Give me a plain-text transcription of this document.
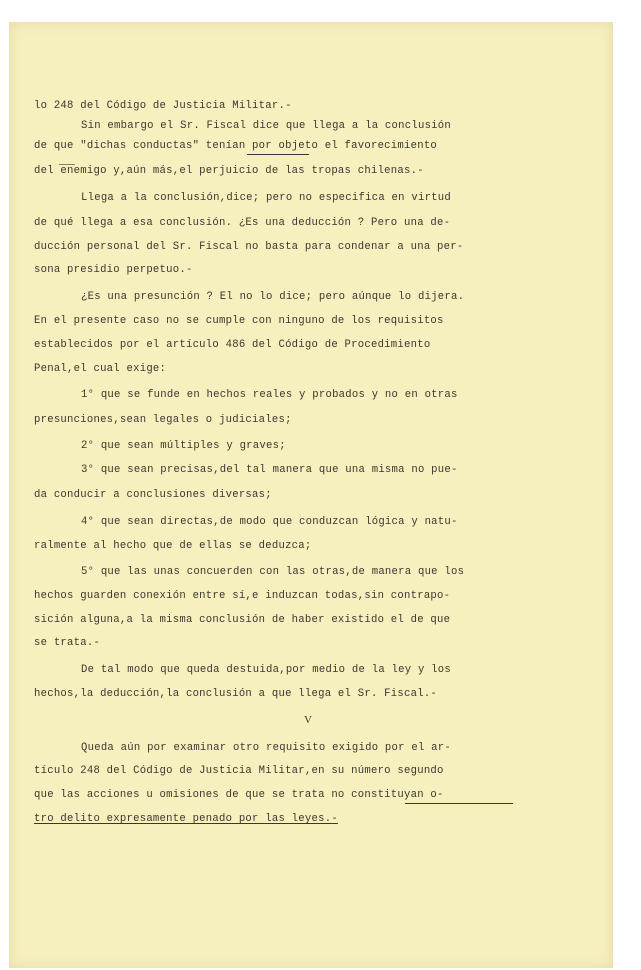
lo 248 del Código de Justicia Militar.-
Sin embargo el Sr. Fiscal dice que llega a la conclusión
de que "dichas conductas" tenían por objeto el favorecimiento
del enemigo y,aún más,el perjuicio de las tropas chilenas.-
Llega a la conclusión,dice; pero no especifica en virtud
de qué llega a esa conclusión. ¿Es una deducción ? Pero una de-
ducción personal del Sr. Fiscal no basta para condenar a una per-
sona presidio perpetuo.-
¿Es una presunción ? El no lo dice; pero aúnque lo dijera.
En el presente caso no se cumple con ninguno de los requisitos
establecidos por el artículo 486 del Código de Procedimiento
Penal,el cual exige:
1° que se funde en hechos reales y probados y no en otras
presunciones,sean legales o judiciales;
2° que sean múltiples y graves;
3° que sean precisas,del tal manera que una misma no pue-
da conducir a conclusiones diversas;
4° que sean directas,de modo que conduzcan lógica y natu-
ralmente al hecho que de ellas se deduzca;
5° que las unas concuerden con las otras,de manera que los
hechos guarden conexión entre sí,e induzcan todas,sin contrapo-
sición alguna,a la misma conclusión de haber existido el de que
se trata.-
De tal modo que queda destuida,por medio de la ley y los
hechos,la deducción,la conclusión a que llega el Sr. Fiscal.-
V
Queda aún por examinar otro requisito exigido por el ar-
tículo 248 del Código de Justicia Militar,en su número segundo
que las acciones u omisiones de que se trata no constituyan o-
tro delito expresamente penado por las leyes.-
